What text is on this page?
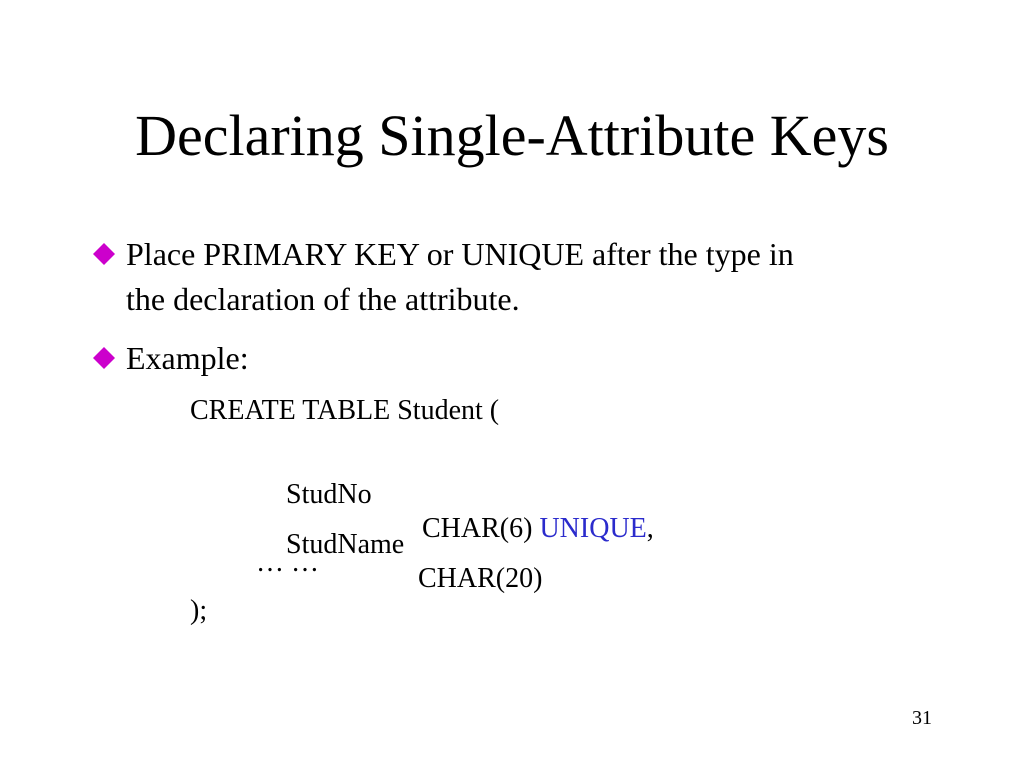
Declaring Single-Attribute Keys
Place PRIMARY KEY or UNIQUE after the type in
the declaration of the attribute.
Example:
CREATE TABLE Student (

StudNo

CHAR(6) UNIQUE,

StudName

CHAR(20)

… …
);
31
